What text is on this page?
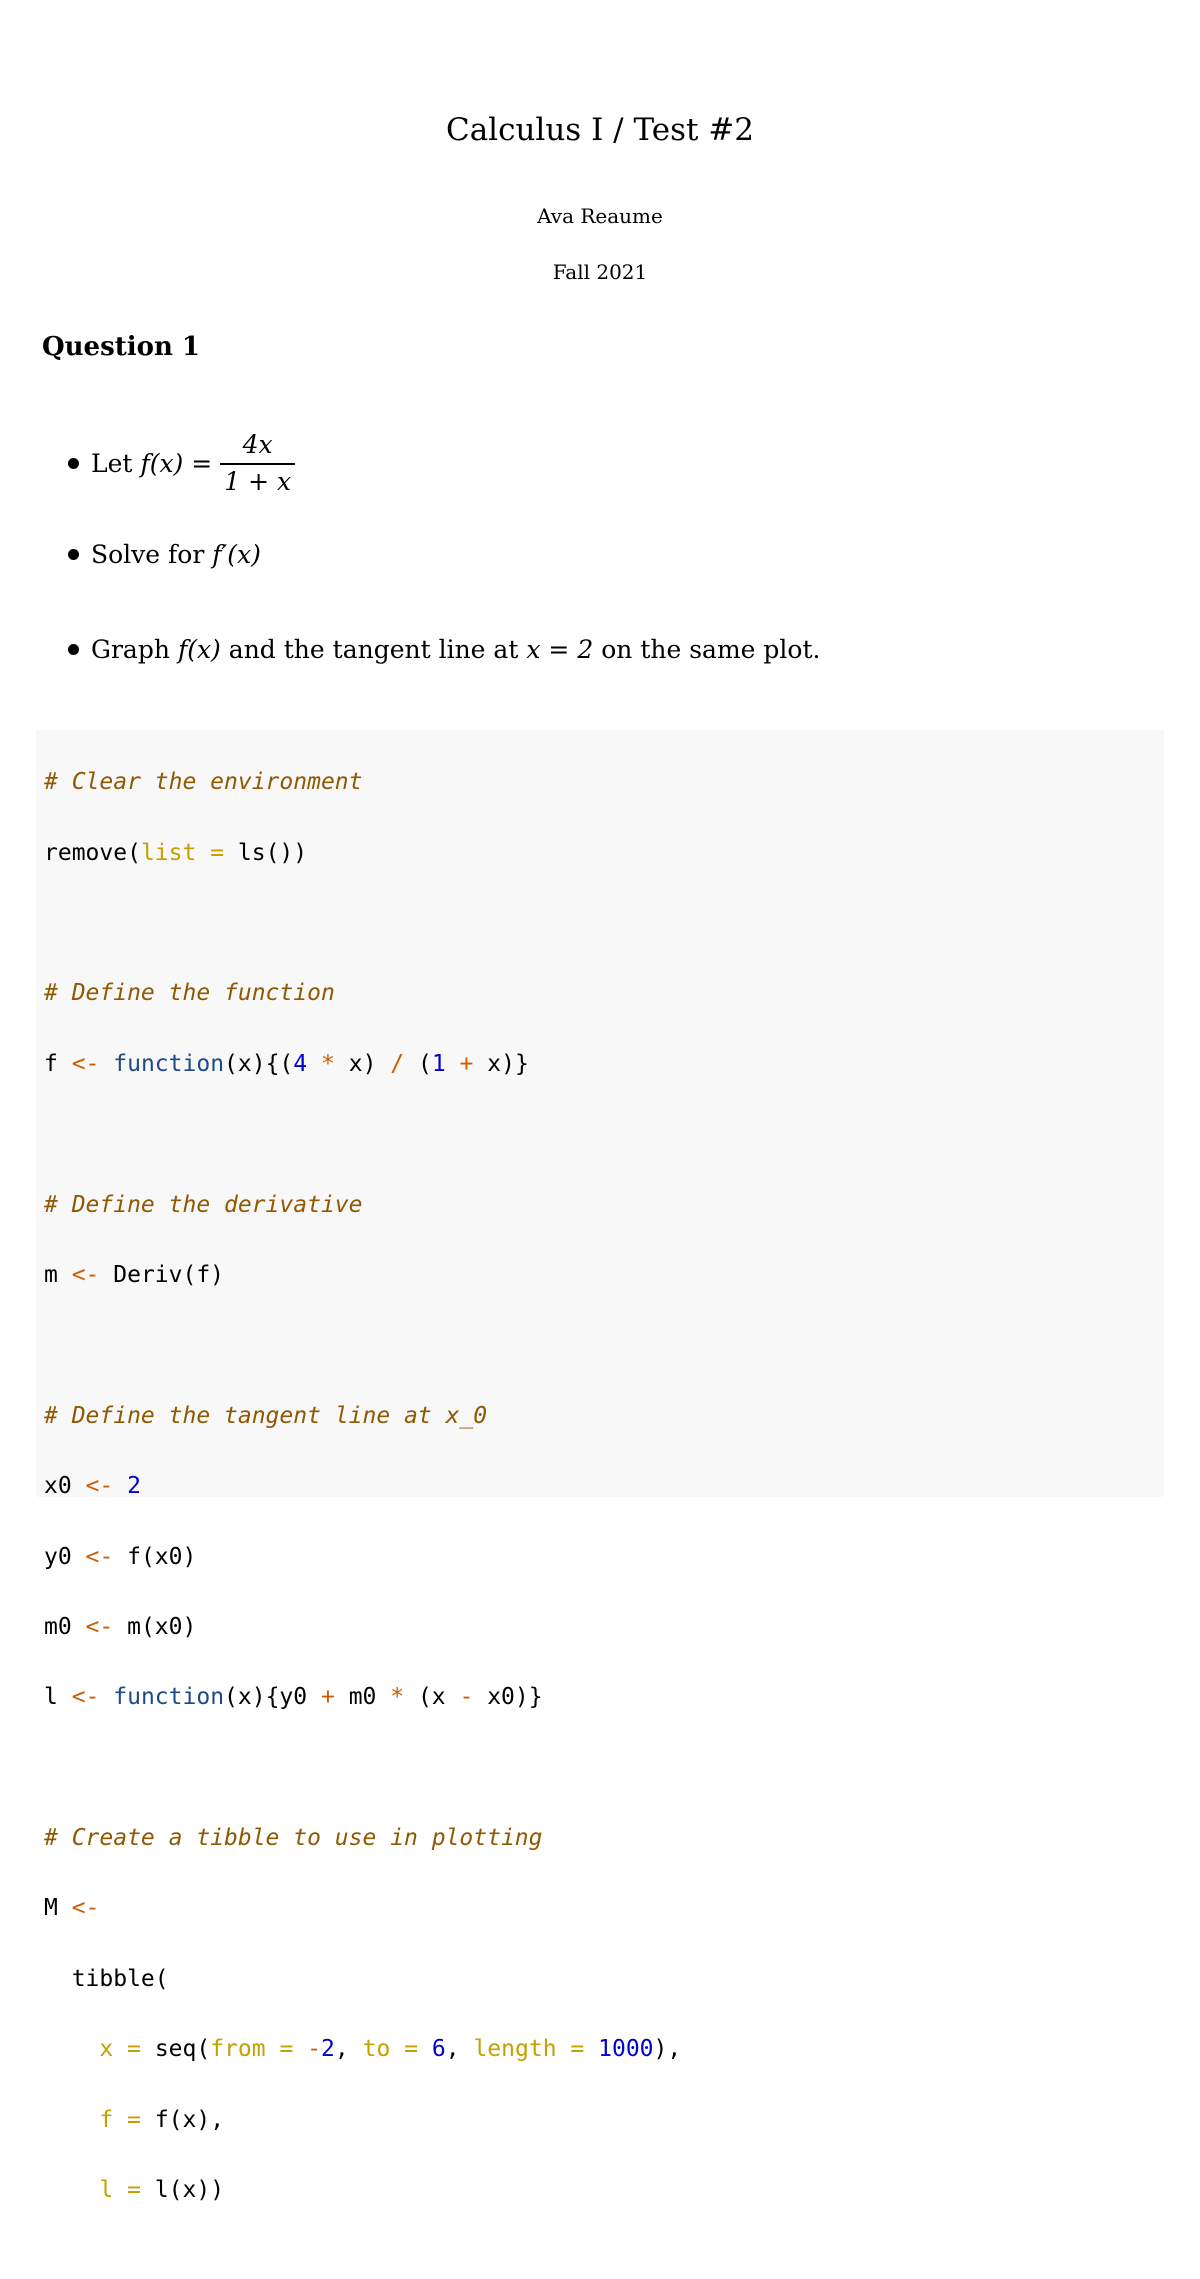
Calculus I / Test #2
Ava Reaume
Fall 2021
Question 1
Let $f(x) = \frac{4x}{1 + x}$
Solve for f′(x)
Graph f(x) and the tangent line at x = 2 on the same plot.

# Clear the environment

remove(list = ls())

# Define the function

f <- function(x){(4 * x) / (1 + x)}

# Define the derivative

m <- Deriv(f)

# Define the tangent line at x_0

x0 <- 2

y0 <- f(x0)

m0 <- m(x0)

l <- function(x){y0 + m0 * (x - x0)}

# Create a tibble to use in plotting

M <-

tibble(

x = seq(from = -2, to = 6, length = 1000),

f = f(x),

l = l(x))
